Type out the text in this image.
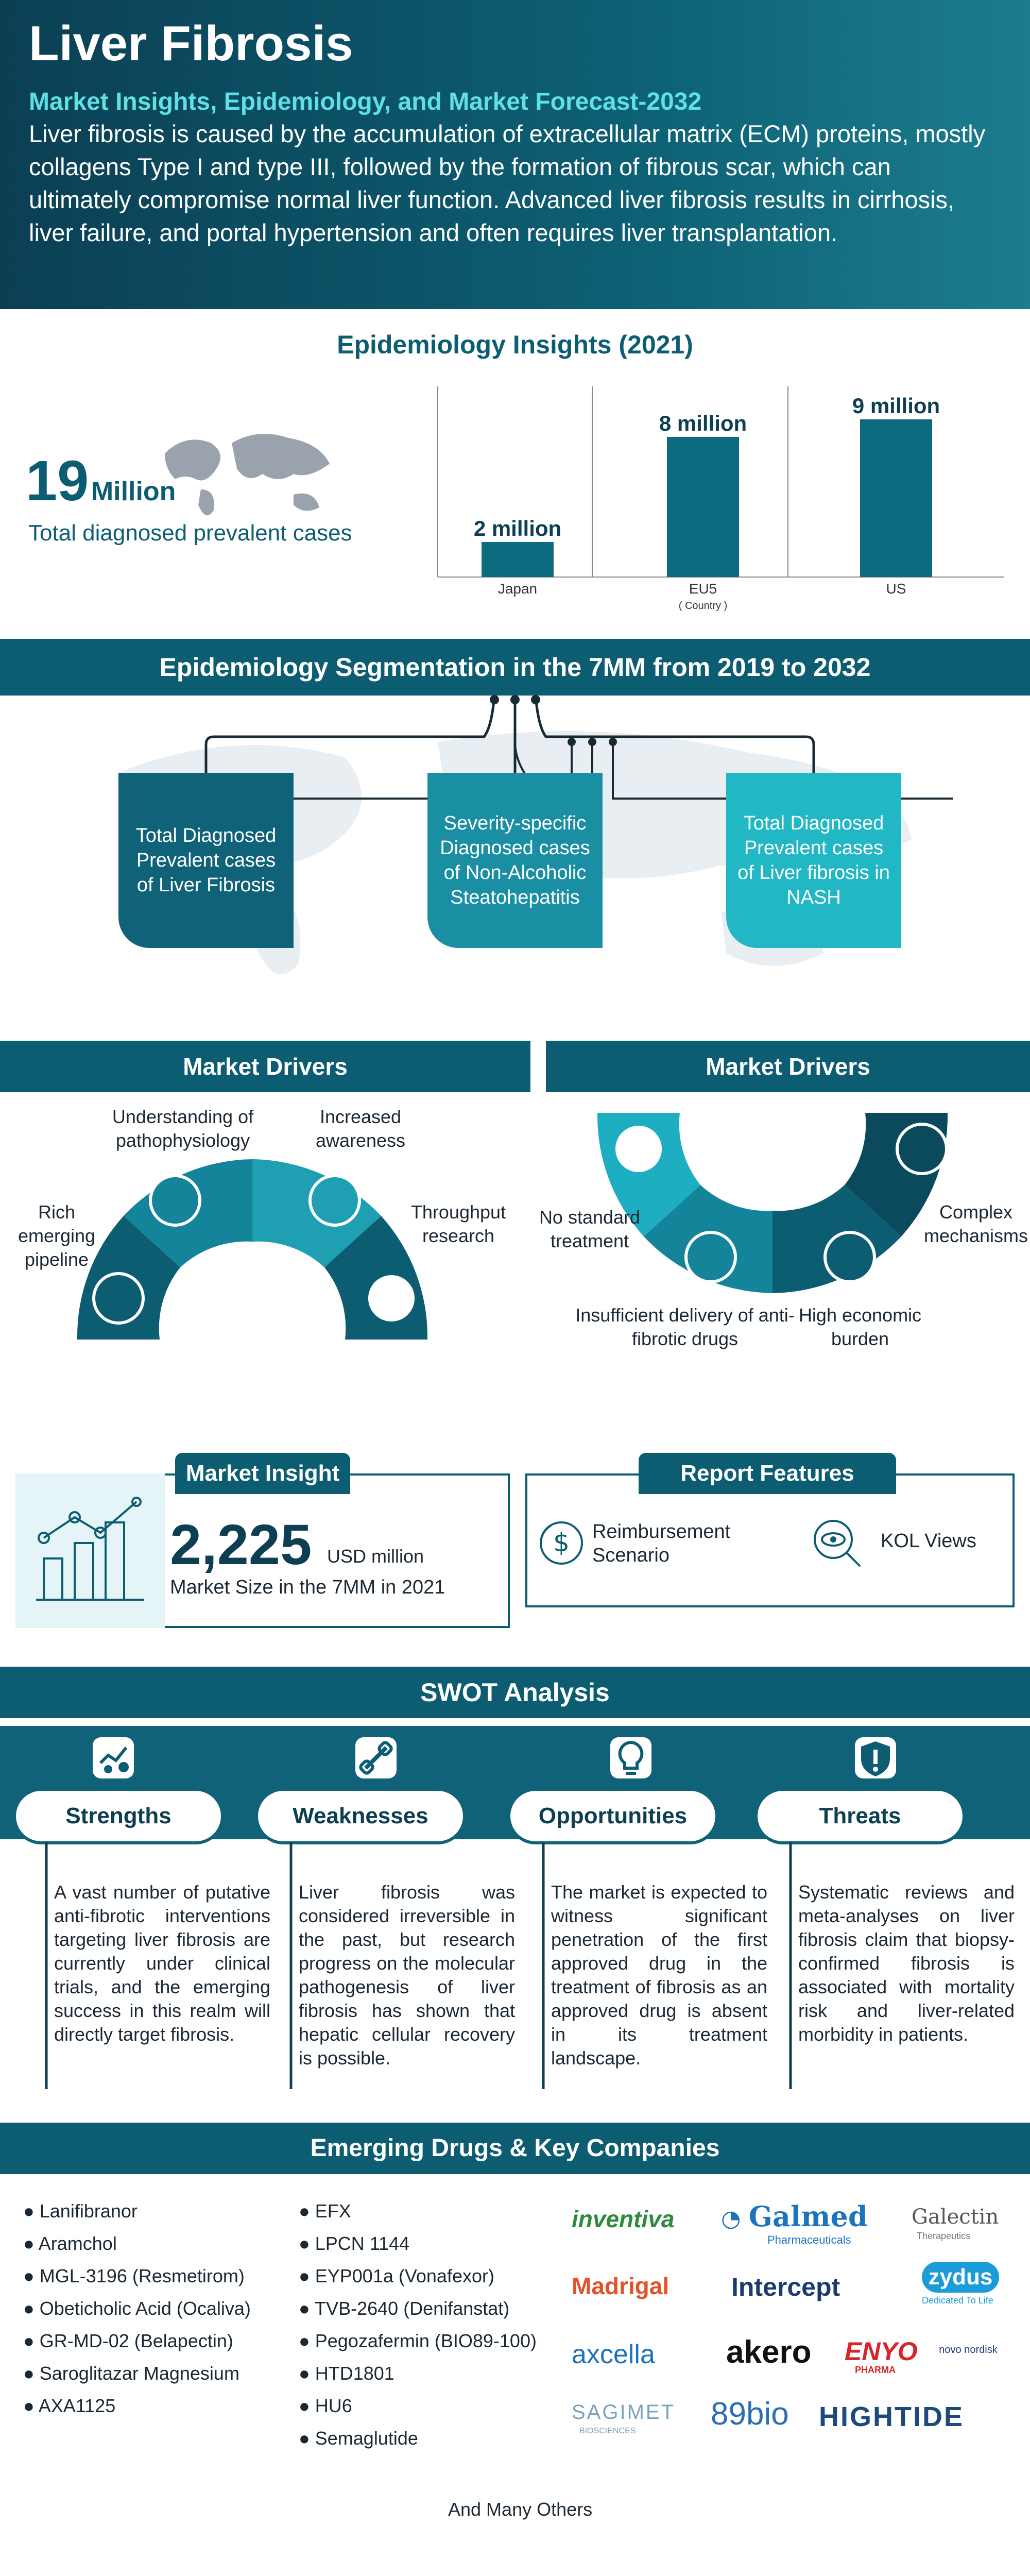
Liver Fibrosis
Market Insights, Epidemiology, and Market Forecast-2032

Liver fibrosis is caused by the accumulation of extracellular matrix (ECM) proteins, mostly collagens Type I and type III, followed by the formation of fibrous scar, which can ultimately compromise normal liver function. Advanced liver fibrosis results in cirrhosis, liver failure, and portal hypertension and often requires liver transplantation.

Epidemiology Insights (2021)
19 Million
Total diagnosed prevalent cases	2 million
Japan
8 million
EU5
( Country )
9 million
US
Epidemiology Segmentation in the 7MM from 2019 to 2032
Total Diagnosed Prevalent cases of Liver Fibrosis
Severity-specific Diagnosed cases of Non-Alcoholic Steatohepatitis
Total Diagnosed Prevalent cases of Liver fibrosis in NASH
Market Drivers	Market Drivers
Rich emerging pipeline
Understanding of pathophysiology
Increased awareness
Throughput research
No standard treatment
Insufficient delivery of anti-fibrotic drugs
High economic burden
Complex mechanisms
Market Insight
2,225 USD million
Market Size in the 7MM in 2021
Report Features
$ Reimbursement Scenario
KOL Views
SWOT Analysis
Strengths	Weaknesses	Opportunities	Threats
A vast number of putative anti-fibrotic interventions targeting liver fibrosis are currently under clinical trials, and the emerging success in this realm will directly target fibrosis.
Liver fibrosis was considered irreversible in the past, but research progress on the molecular pathogenesis of liver fibrosis has shown that hepatic cellular recovery is possible.
The market is expected to witness significant penetration of the first approved drug in the treatment of fibrosis as an approved drug is absent in its treatment landscape.
Systematic reviews and meta-analyses on liver fibrosis claim that biopsy-confirmed fibrosis is associated with mortality risk and liver-related morbidity in patients.
Emerging Drugs & Key Companies
● Lanifibranor
● Aramchol
● MGL-3196 (Resmetirom)
● Obeticholic Acid (Ocaliva)
● GR-MD-02 (Belapectin)
● Saroglitazar Magnesium
● AXA1125
● EFX
● LPCN 1144
● EYP001a (Vonafexor)
● TVB-2640 (Denifanstat)
● Pegozafermin (BIO89-100)
● HTD1801
● HU6
● Semaglutide
And Many Others
inventiva ◔ Galmed
Pharmaceuticals
Galectin
Therapeutics
Madrigal Intercept	zydus
Dedicated To Life
axcella akero ENYO
PHARMA
novo nordisk
SAGIMET
BIOSCIENCES 89bio HIGHTIDE
